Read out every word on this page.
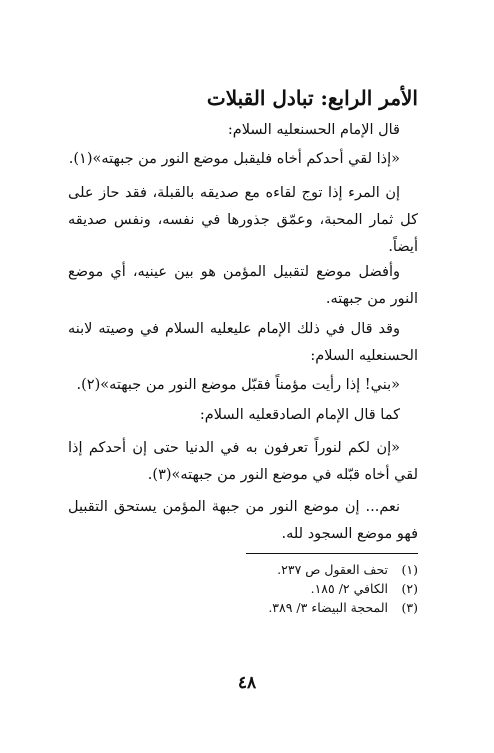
الأمر الرابع: تبادل القبلات

قال الإمام الحسنعليه السلام:

«إذا لقي أحدكم أخاه فليقبل موضع النور من جبهته»(١).

إن المرء إذا توج لقاءه مع صديقه بالقبلة، فقد حاز على كل ثمار المحبة، وعمّق جذورها في نفسه، ونفس صديقه أيضاً.

وأفضل موضع لتقبيل المؤمن هو بين عينيه، أي موضع النور من جبهته.

وقد قال في ذلك الإمام عليعليه السلام في وصيته لابنه الحسنعليه السلام:

«بني! إذا رأيت مؤمناً فقبّل موضع النور من جبهته»(٢).

كما قال الإمام الصادقعليه السلام:

«إن لكم لنوراً تعرفون به في الدنيا حتى إن أحدكم إذا لقي أخاه قبّله في موضع النور من جبهته»(٣).

نعم... إن موضع النور من جبهة المؤمن يستحق التقبيل فهو موضع السجود لله.

(١) تحف العقول ص ٢٣٧.
(٢) الكافي ٢/ ١٨٥.
(٣) المحجة البيضاء ٣/ ٣٨٩.
٤٨
